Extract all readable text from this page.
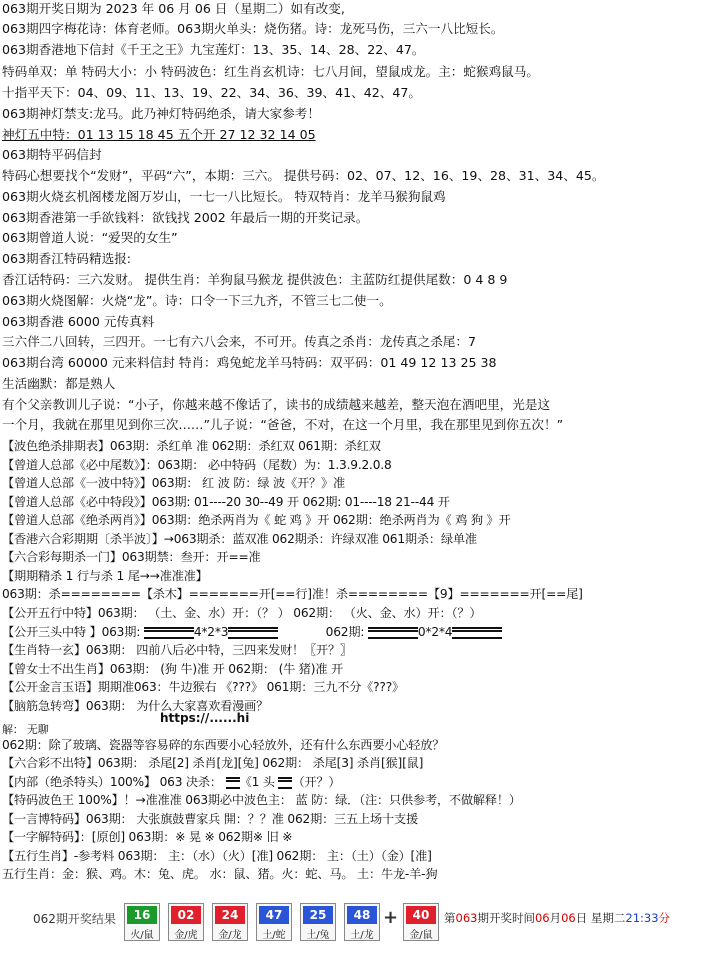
063期开奖日期为 2023 年 06 月 06 日（星期二）如有改变,
063期四字梅花诗：体育老师。063期火单头：烧伤猪。诗：龙死马伤，三六一八比短长。
063期香港地下信封《千王之王》九宝莲灯：13、35、14、28、22、47。
特码单双：单 特码大小：小 特码波色：红生肖玄机诗：七八月间，望鼠成龙。主：蛇猴鸡鼠马。
十指平天下：04、09、11、13、19、22、34、36、39、41、42、47。
063期神灯禁支:龙马。此乃神灯特码绝杀，请大家参考！
神灯五中特：01 13 15 18 45 五个开 27 12 32 14 05
063期特平码信封
特码心想要找个“发财”，平码“六”，本期：三六。 提供号码：02、07、12、16、19、28、31、34、45。
063期火烧玄机阁楼龙阁万岁山，一七一八比短长。 特双特肖：龙羊马猴狗鼠鸡
063期香港第一手欲钱料：欲钱找 2002 年最后一期的开奖记录。
063期曾道人说：“爱哭的女生”
063期香江特码精选报:
香江话特码：三六发财。 提供生肖：羊狗鼠马猴龙 提供波色：主蓝防红提供尾数：0 4 8 9
063期火烧图解：火烧“龙”。诗：口令一下三九齐，不管三七二使一。
063期香港 6000 元传真料
三六伴二八回转，三四开。一七有六八会来，不可开。传真之杀肖：龙传真之杀尾：7
063期台湾 60000 元来料信封 特肖：鸡兔蛇龙羊马特码：双平码：01 49 12 13 25 38
生活幽默：都是熟人
有个父亲教训儿子说：“小子，你越来越不像话了，读书的成绩越来越差，整天泡在酒吧里，光是这
一个月，我就在那里见到你三次……”儿子说：“爸爸，不对，在这一个月里，我在那里见到你五次！”
【波色绝杀排期表】063期：杀红单 准 062期：杀红双 061期：杀红双
【曾道人总部《必中尾数》】：063期： 必中特码（尾数）为：1.3.9.2.0.8
【曾道人总部《一波中特》】063期： 红 波 防：绿 波《开？》准
【曾道人总部《必中特段》】063期: 01----20 30--49 开 062期: 01----18 21--44 开
【曾道人总部《绝杀两肖》】063期：绝杀两肖为《 蛇 鸡 》开 062期：绝杀两肖为《 鸡 狗 》开
【香港六合彩期期〔杀半波〕】→063期杀：蓝双准 062期杀：许绿双准 061期杀：绿单准
【六合彩每期杀一门】063期禁：叁开：开==准
【期期精杀 1 行与杀 1 尾→→准准准】
063期：杀========【杀木】=======开[==行]准！杀========【9】=======开[==尾]
【公开五行中特】063期： （土、金、水）开：（？ ） 062期： （火、金、水）开：（？）
【公开三头中特 】063期:	4*2*3	062期:	0*2*4
【生肖特一玄】063期： 四前八后必中特，三四来发财！〖开？〗
【曾女士不出生肖】063期： (狗 牛)准 开 062期： (牛 猪)准 开
【公开金言玉语】期期准063：牛边猴右 《???》 061期：三九不分《???》
【脑筋急转弯】063期： 为什么大家喜欢看漫画？
https://......hi
解： 无聊
062期：除了玻璃、瓷器等容易碎的东西要小心轻放外，还有什么东西要小心轻放？
【六合彩不出特】063期： 杀尾[2] 杀肖[龙][兔] 062期： 杀尾[3] 杀肖[猴][鼠]
【内部（绝杀特头）100%】 063 决杀： 《1 头 （开？）
【特码波色王 100%】！→准准准 063期必中波色主： 蓝 防：绿．（注：只供参考，不做解释！）
【一言博特码】063期： 大张旗鼓曹家兵 開：？？准 062期：三五上场十支援
【一字解特码】：[原创] 063期：※ 晃 ※ 062期※ 旧 ※
【五行生肖】-参考料 063期： 主：（水）（火）[准] 062期： 主：（土）（金）[准]
五行生肖：金：猴、鸡。木：兔、虎。 水：鼠、猪。火：蛇、马。 土：牛龙-羊-狗
062期开奖结果	16
火/鼠
02
金/虎
24
金/龙
47
土/蛇
25
土/兔
48
土/龙
+	40
金/鼠
第063期开奖时间06月06日 星期二21:33分
